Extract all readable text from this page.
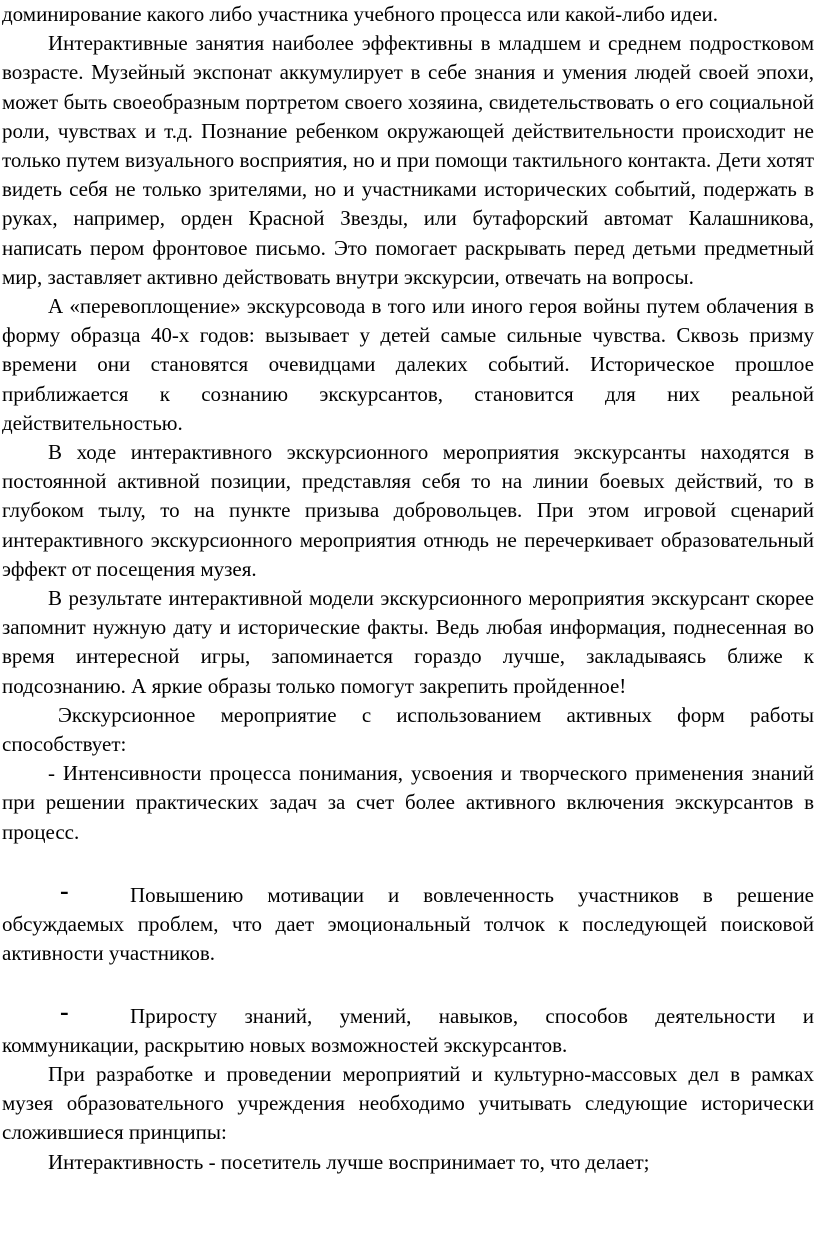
доминирование какого либо участника учебного процесса или какой-либо идеи.

Интерактивные занятия наиболее эффективны в младшем и среднем подростковом возрасте. Музейный экспонат аккумулирует в себе знания и умения людей своей эпохи, может быть своеобразным портретом своего хозяина, свидетельствовать о его социальной роли, чувствах и т.д. Познание ребенком окружающей действительности происходит не только путем визуального восприятия, но и при помощи тактильного контакта. Дети хотят видеть себя не только зрителями, но и участниками исторических событий, подержать в руках, например, орден Красной Звезды, или бутафорский автомат Калашникова, написать пером фронтовое письмо. Это помогает раскрывать перед детьми предметный мир, заставляет активно действовать внутри экскурсии, отвечать на вопросы.

А «перевоплощение» экскурсовода в того или иного героя войны путем облачения в форму образца 40-х годов: вызывает у детей самые сильные чувства. Сквозь призму времени они становятся очевидцами далеких событий. Историческое прошлое приближается к сознанию экскурсантов, становится для них реальной действительностью.

В ходе интерактивного экскурсионного мероприятия экскурсанты находятся в постоянной активной позиции, представляя себя то на линии боевых действий, то в глубоком тылу, то на пункте призыва добровольцев. При этом игровой сценарий интерактивного экскурсионного мероприятия отнюдь не перечеркивает образовательный эффект от посещения музея.

В результате интерактивной модели экскурсионного мероприятия экскурсант скорее запомнит нужную дату и исторические факты. Ведь любая информация, поднесенная во время интересной игры, запоминается гораздо лучше, закладываясь ближе к подсознанию. А яркие образы только помогут закрепить пройденное!

Экскурсионное мероприятие с использованием активных форм работы способствует:

- Интенсивности процесса понимания, усвоения и творческого применения знаний при решении практических задач за счет более активного включения экскурсантов в процесс.

-	Повышению мотивации и вовлеченность участников в решение обсуждаемых проблем, что дает эмоциональный толчок к последующей поисковой активности участников.

-	Приросту знаний, умений, навыков, способов деятельности и коммуникации, раскрытию новых возможностей экскурсантов.

При разработке и проведении мероприятий и культурно-массовых дел в рамках музея образовательного учреждения необходимо учитывать следующие исторически сложившиеся принципы:

Интерактивность - посетитель лучше воспринимает то, что делает;
